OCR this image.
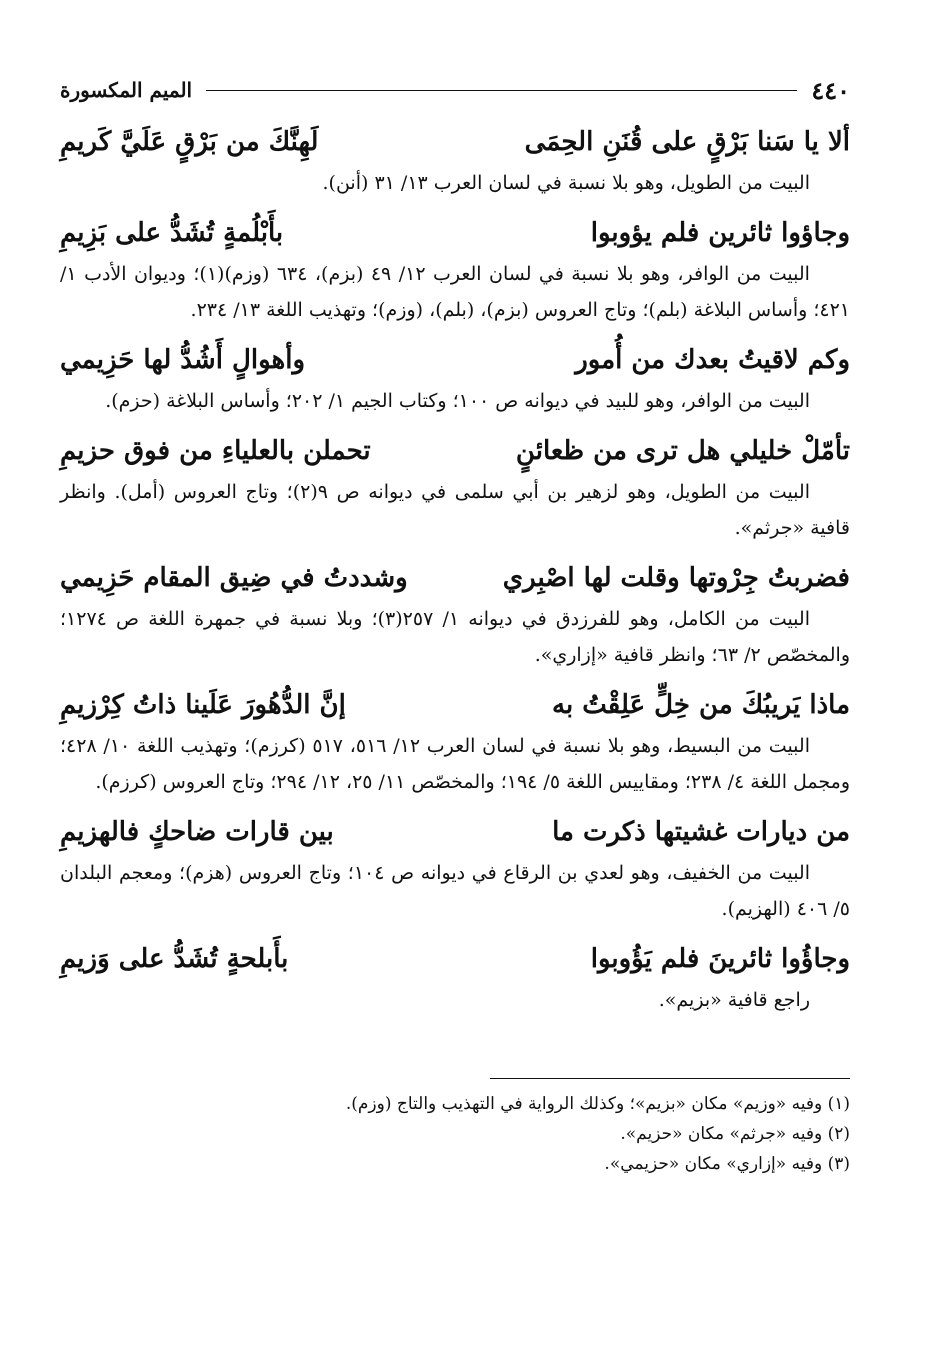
٤٤٠
الميم المكسورة
ألا يا سَنا بَرْقٍ على قُنَنِ الحِمَى
لَهِنَّكَ من بَرْقٍ عَلَيَّ كَريمِ
البيت من الطويل، وهو بلا نسبة في لسان العرب ١٣/ ٣١ (أنن).
وجاؤوا ثائرين فلم يؤوبوا
بأَبْلُمةٍ تُشَدُّ على بَزِيمِ
البيت من الوافر، وهو بلا نسبة في لسان العرب ١٢/ ٤٩ (بزم)، ٦٣٤ (وزم)(١)؛ وديوان الأدب ١/ ٤٢١؛ وأساس البلاغة (بلم)؛ وتاج العروس (بزم)، (بلم)، (وزم)؛ وتهذيب اللغة ١٣/ ٢٣٤.
وكم لاقيتُ بعدك من أُمور
وأهوالٍ أَشُدُّ لها حَزِيمي
البيت من الوافر، وهو للبيد في ديوانه ص ١٠٠؛ وكتاب الجيم ١/ ٢٠٢؛ وأساس البلاغة (حزم).
تأمّلْ خليلي هل ترى من ظعائنٍ
تحملن بالعلياءِ من فوق حزيمِ
البيت من الطويل، وهو لزهير بن أبي سلمى في ديوانه ص ٩(٢)؛ وتاج العروس (أمل). وانظر قافية «جرثم».
فضربتُ جِرْوتها وقلت لها اصْبِري
وشددتُ في ضِيق المقام حَزِيمي
البيت من الكامل، وهو للفرزدق في ديوانه ١/ ٢٥٧(٣)؛ وبلا نسبة في جمهرة اللغة ص ١٢٧٤؛ والمخصّص ٢/ ٦٣؛ وانظر قافية «إزاري».
ماذا يَريبُكَ من خِلٍّ عَلِقْتُ به
إنَّ الدُّهُورَ عَلَينا ذاتُ كِرْزيمِ
البيت من البسيط، وهو بلا نسبة في لسان العرب ١٢/ ٥١٦، ٥١٧ (كرزم)؛ وتهذيب اللغة ١٠/ ٤٢٨؛ ومجمل اللغة ٤/ ٢٣٨؛ ومقاييس اللغة ٥/ ١٩٤؛ والمخصّص ١١/ ٢٥، ١٢/ ٢٩٤؛ وتاج العروس (كرزم).
من ديارات غشيتها ذكرت ما
بين قارات ضاحكٍ فالهزيمِ
البيت من الخفيف، وهو لعدي بن الرقاع في ديوانه ص ١٠٤؛ وتاج العروس (هزم)؛ ومعجم البلدان ٥/ ٤٠٦ (الهزيم).
وجاؤُوا ثائرينَ فلم يَؤُوبوا
بأَبلحةٍ تُشَدُّ على وَزيمِ
راجع قافية «بزيم».
(١) وفيه «وزيم» مكان «بزيم»؛ وكذلك الرواية في التهذيب والتاج (وزم).
(٢) وفيه «جرثم» مكان «حزيم».
(٣) وفيه «إزاري» مكان «حزيمي».
